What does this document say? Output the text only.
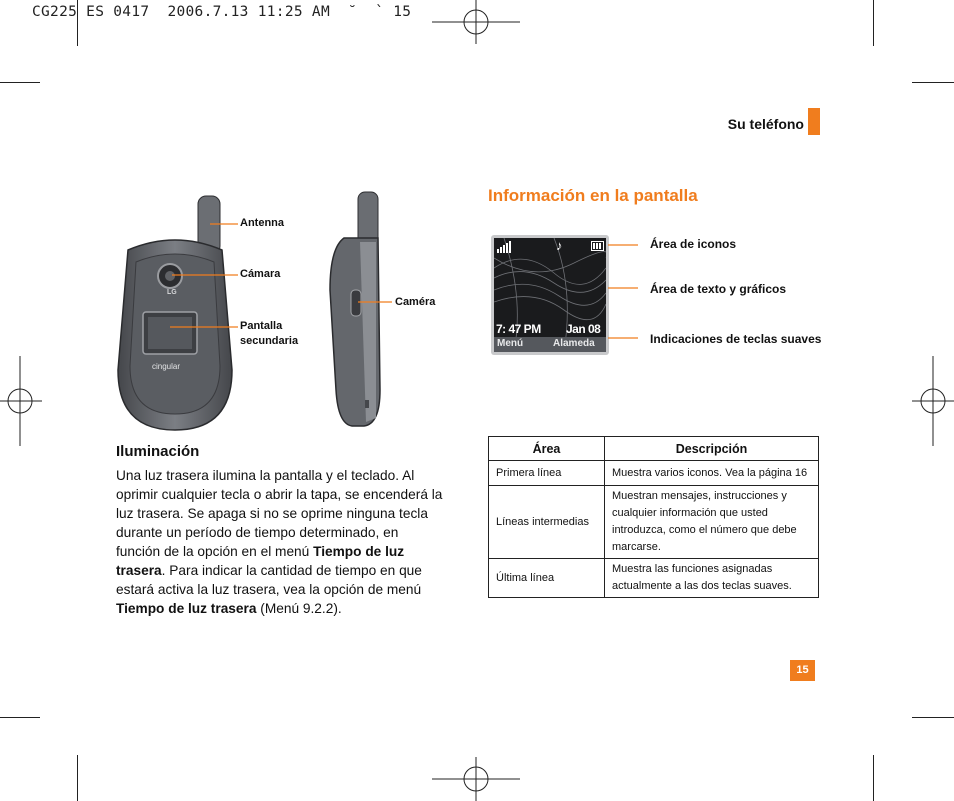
CG225 ES 0417  2006.7.13 11:25 AM  ˘  ` 15
Su teléfono
LG
cingular
Antenna
Cámara
Pantalla secundaria
Caméra
Información en la pantalla
♪
7: 47 PM Jan 08
Menú	Alameda
Área de iconos
Área de texto y gráficos
Indicaciones de teclas suaves
Iluminación
Una luz trasera ilumina la pantalla y el teclado. Al oprimir cualquier tecla o abrir la tapa, se encenderá la luz trasera. Se apaga si no se oprime ninguna tecla durante un período de tiempo determinado, en función de la opción en el menú Tiempo de luz trasera. Para indicar la cantidad de tiempo en que estará activa la luz trasera, vea la opción de menú Tiempo de luz trasera (Menú 9.2.2).
Área	Descripción
Primera línea	Muestra varios iconos. Vea la página 16
Líneas intermedias	Muestran mensajes, instrucciones y cualquier información que usted introduzca, como el número que debe marcarse.
Última línea	Muestra las funciones asignadas actualmente a las dos teclas suaves.
15
